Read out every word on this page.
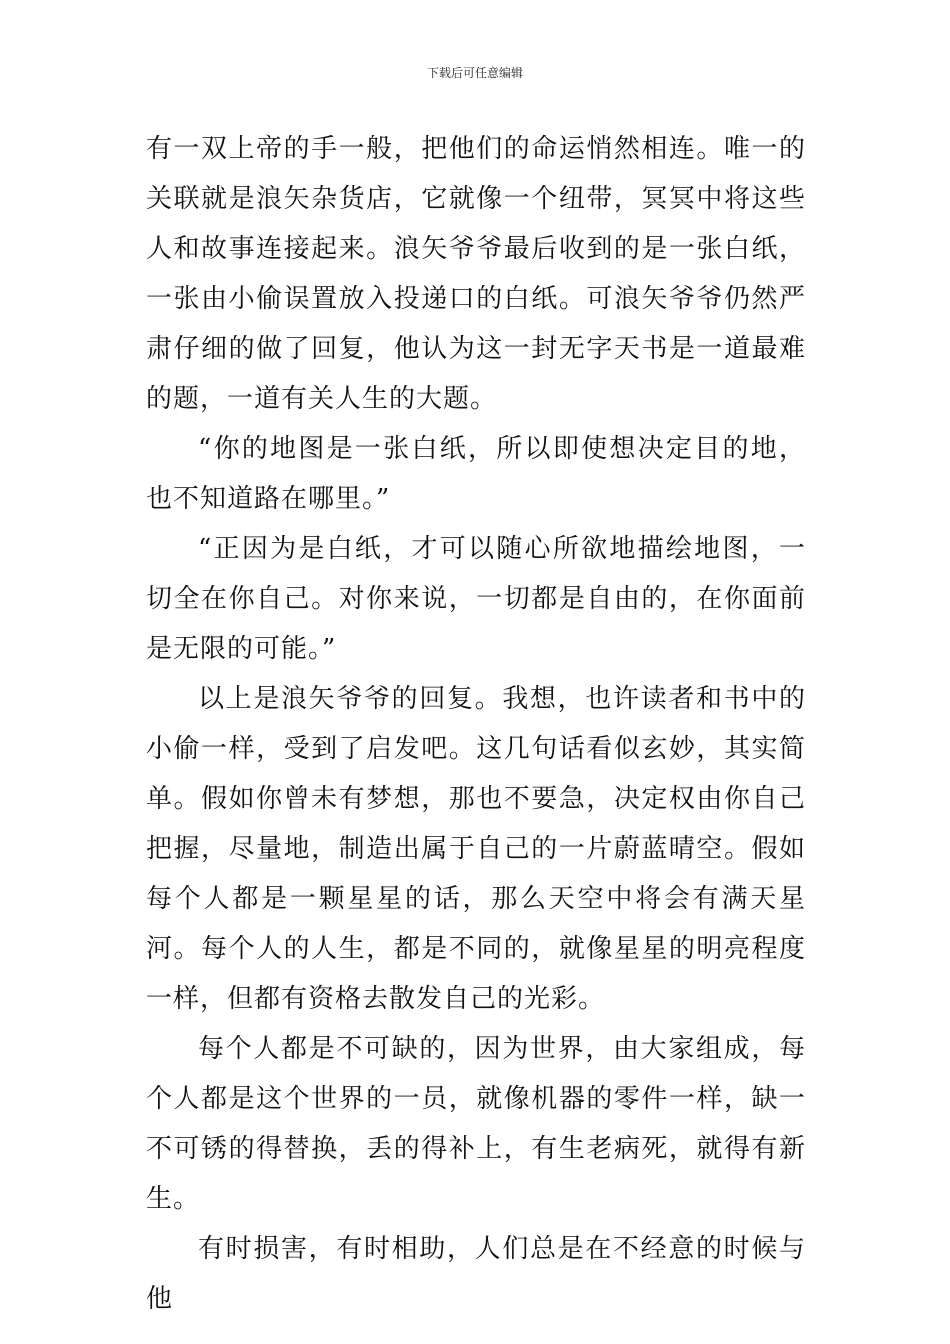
下载后可任意编辑

有一双上帝的手一般，把他们的命运悄然相连。唯一的关联就是浪矢杂货店，它就像一个纽带，冥冥中将这些人和故事连接起来。浪矢爷爷最后收到的是一张白纸，一张由小偷误置放入投递口的白纸。可浪矢爷爷仍然严肃仔细的做了回复，他认为这一封无字天书是一道最难的题，一道有关人生的大题。

“你的地图是一张白纸，所以即使想决定目的地，也不知道路在哪里。”

“正因为是白纸，才可以随心所欲地描绘地图，一切全在你自己。对你来说，一切都是自由的，在你面前是无限的可能。”

以上是浪矢爷爷的回复。我想，也许读者和书中的小偷一样，受到了启发吧。这几句话看似玄妙，其实简单。假如你曾未有梦想，那也不要急，决定权由你自己把握，尽量地，制造出属于自己的一片蔚蓝晴空。假如每个人都是一颗星星的话，那么天空中将会有满天星河。每个人的人生，都是不同的，就像星星的明亮程度一样，但都有资格去散发自己的光彩。

每个人都是不可缺的，因为世界，由大家组成，每个人都是这个世界的一员，就像机器的零件一样，缺一不可锈的得替换，丢的得补上，有生老病死，就得有新生。

有时损害，有时相助，人们总是在不经意的时候与他
